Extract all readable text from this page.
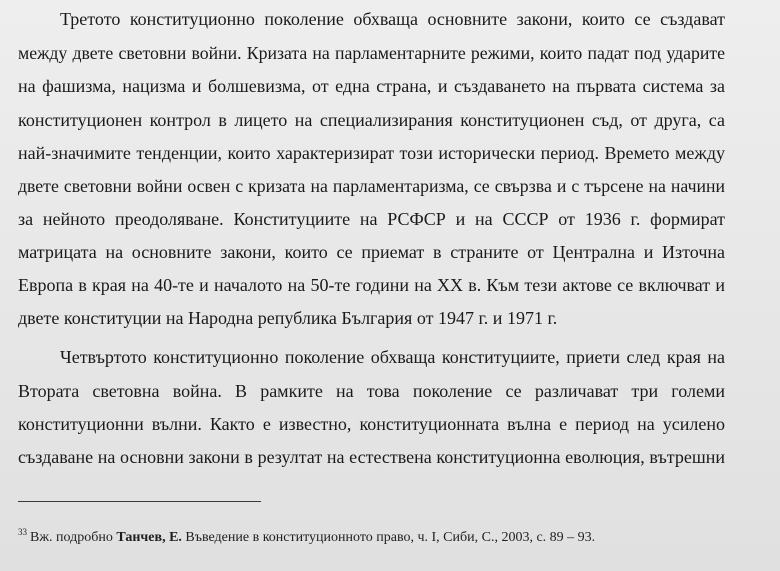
Третото конституционно поколение обхваща основните закони, които се създават
между двете световни войни. Кризата на парламентарните режими, които падат под ударите
на фашизма, нацизма и болшевизма, от една страна, и създаването на първата система за
конституционен контрол в лицето на специализирания конституционен съд, от друга, са
най-значимите тенденции, които характеризират този исторически период. Времето между
двете световни войни освен с кризата на парламентаризма, се свързва и с търсене на начини
за нейното преодоляване. Конституциите на РСФСР и на СССР от 1936 г. формират
матрицата на основните закони, които се приемат в страните от Централна и Източна
Европа в края на 40-те и началото на 50-те години на XX в. Към тези актове се включват и
двете конституции на Народна република България от 1947 г. и 1971 г.
Четвъртото конституционно поколение обхваща конституциите, приети след края на
Втората световна война. В рамките на това поколение се различават три големи
конституционни вълни. Както е известно, конституционната вълна е период на усилено
създаване на основни закони в резултат на естествена конституционна еволюция, вътрешни
$^{33}$ Вж. подробно Танчев, Е. Въведение в конституционното право, ч. I, Сиби, С., 2003, с. 89 – 93.
